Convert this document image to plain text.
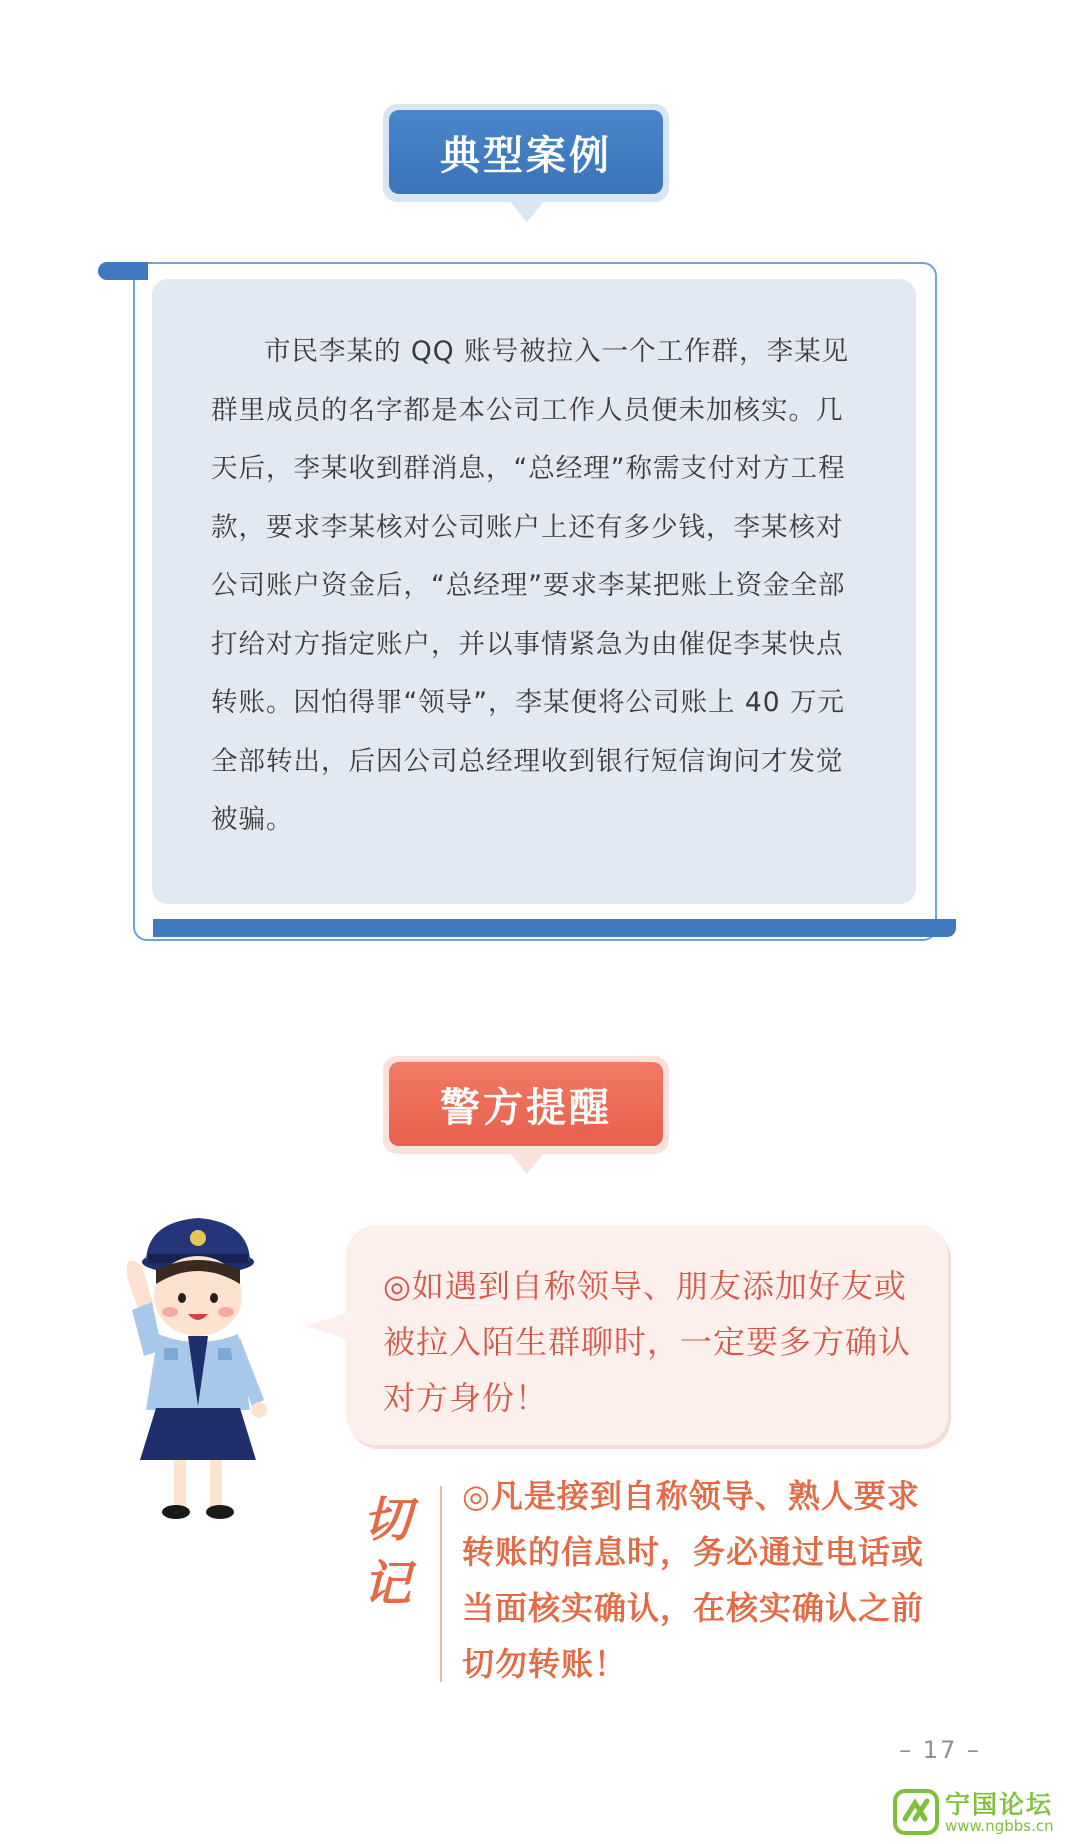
典型案例

市民李某的 QQ 账号被拉入一个工作群，李某见群里成员的名字都是本公司工作人员便未加核实。几天后，李某收到群消息，“总经理”称需支付对方工程款，要求李某核对公司账户上还有多少钱，李某核对公司账户资金后，“总经理”要求李某把账上资金全部打给对方指定账户，并以事情紧急为由催促李某快点转账。因怕得罪“领导”，李某便将公司账上 40 万元全部转出，后因公司总经理收到银行短信询问才发觉被骗。

警方提醒

◎如遇到自称领导、朋友添加好友或被拉入陌生群聊时，一定要多方确认对方身份！

切记

◎凡是接到自称领导、熟人要求转账的信息时，务必通过电话或当面核实确认，在核实确认之前切勿转账！

– 17 –
宁国论坛
www.ngbbs.cn
